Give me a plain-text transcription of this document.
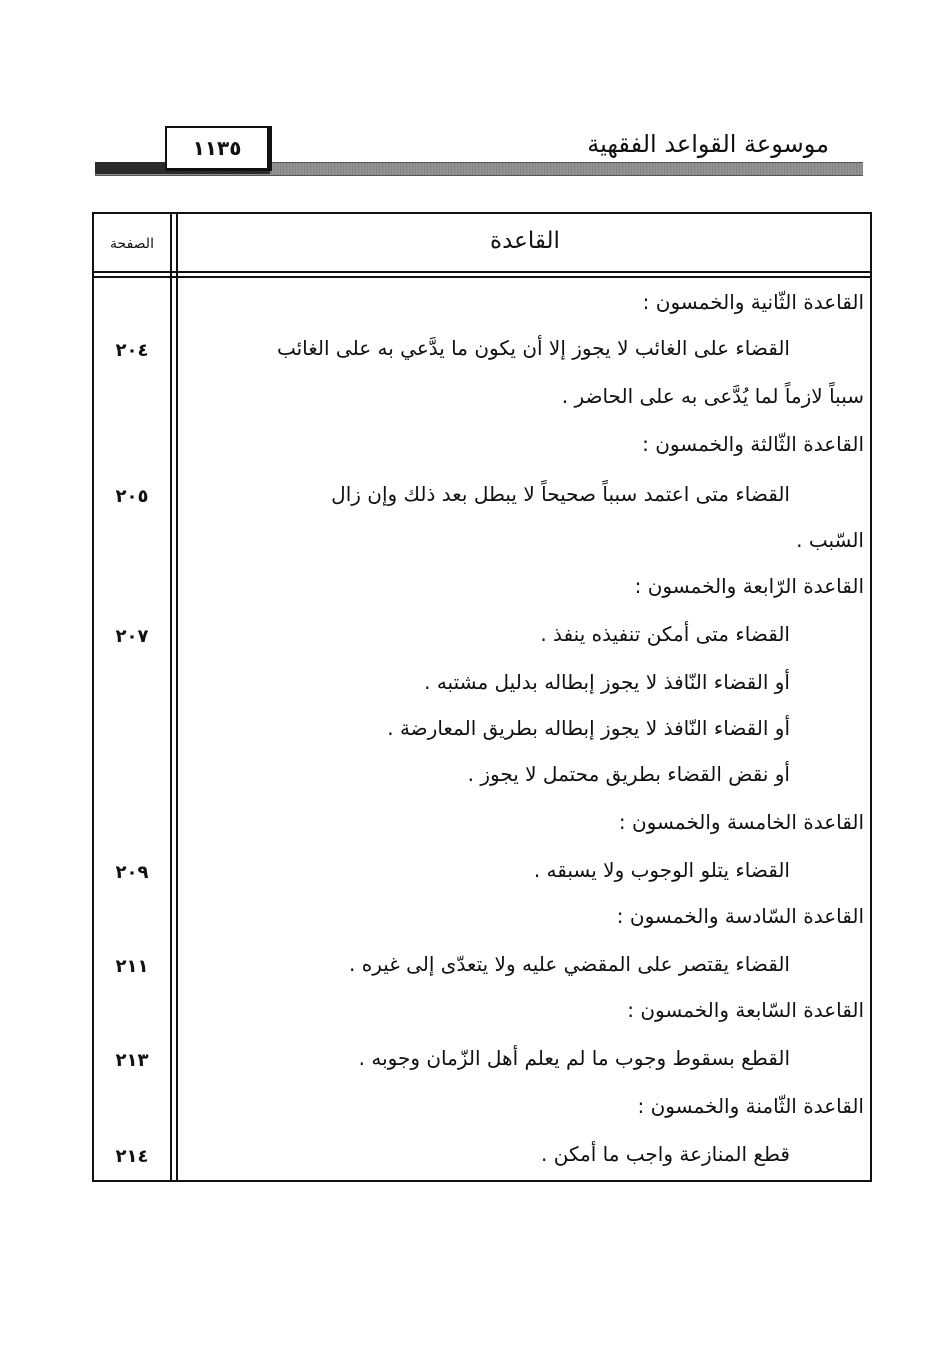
١١٣٥	موسوعة القواعد الفقهية
القاعدة
الصفحة
القاعدة الثّانية والخمسون :
القضاء على الغائب لا يجوز إلا أن يكون ما يدَّعي به على الغائب
٢٠٤
سبباً لازماً لما يُدَّعى به على الحاضر .
القاعدة الثّالثة والخمسون :
القضاء متى اعتمد سبباً صحيحاً لا يبطل بعد ذلك وإن زال
٢٠٥
السّبب .
القاعدة الرّابعة والخمسون :
القضاء متى أمكن تنفيذه ينفذ .
٢٠٧
أو القضاء النّافذ لا يجوز إبطاله بدليل مشتبه .
أو القضاء النّافذ لا يجوز إبطاله بطريق المعارضة .
أو نقض القضاء بطريق محتمل لا يجوز .
القاعدة الخامسة والخمسون :
القضاء يتلو الوجوب ولا يسبقه .
٢٠٩
القاعدة السّادسة والخمسون :
القضاء يقتصر على المقضي عليه ولا يتعدّى إلى غيره .
٢١١
القاعدة السّابعة والخمسون :
القطع بسقوط وجوب ما لم يعلم أهل الزّمان وجوبه .
٢١٣
القاعدة الثّامنة والخمسون :
قطع المنازعة واجب ما أمكن .
٢١٤
